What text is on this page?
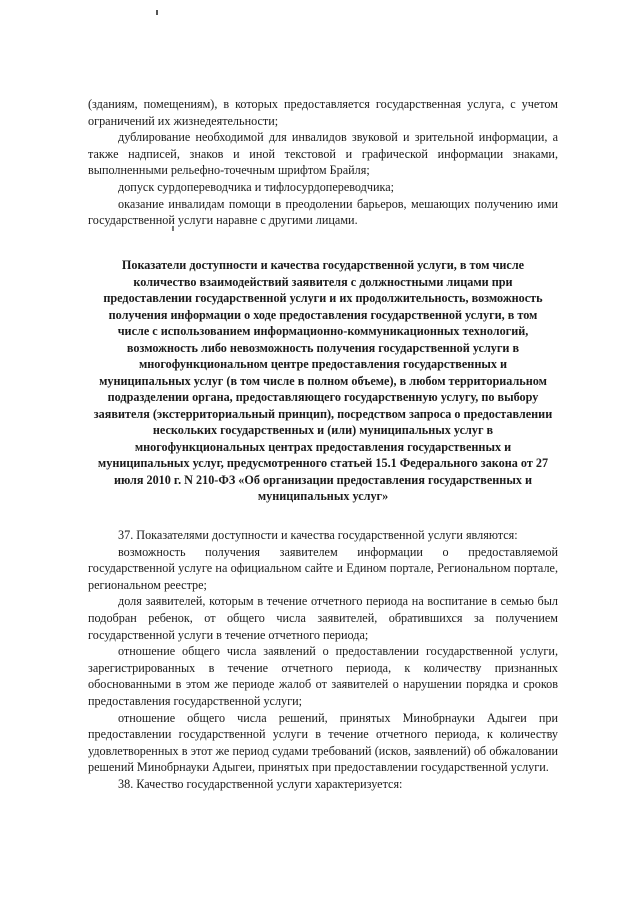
(зданиям, помещениям), в которых предоставляется государственная услуга, с учетом ограничений их жизнедеятельности;

дублирование необходимой для инвалидов звуковой и зрительной информации, а также надписей, знаков и иной текстовой и графической информации знаками, выполненными рельефно-точечным шрифтом Брайля;

допуск сурдопереводчика и тифлосурдопереводчика;

оказание инвалидам помощи в преодолении барьеров, мешающих получению ими государственной услуги наравне с другими лицами.

Показатели доступности и качества государственной услуги, в том числе количество взаимодействий заявителя с должностными лицами при предоставлении государственной услуги и их продолжительность, возможность получения информации о ходе предоставления государственной услуги, в том числе с использованием информационно-коммуникационных технологий, возможность либо невозможность получения государственной услуги в многофункциональном центре предоставления государственных и муниципальных услуг (в том числе в полном объеме), в любом территориальном подразделении органа, предоставляющего государственную услугу, по выбору заявителя (экстерриториальный принцип), посредством запроса о предоставлении нескольких государственных и (или) муниципальных услуг в многофункциональных центрах предоставления государственных и муниципальных услуг, предусмотренного статьей 15.1 Федерального закона от 27 июля 2010 г. N 210-ФЗ «Об организации предоставления государственных и муниципальных услуг»

37. Показателями доступности и качества государственной услуги являются:

возможность получения заявителем информации о предоставляемой государственной услуге на официальном сайте и Едином портале, Региональном портале, региональном реестре;

доля заявителей, которым в течение отчетного периода на воспитание в семью был подобран ребенок, от общего числа заявителей, обратившихся за получением государственной услуги в течение отчетного периода;

отношение общего числа заявлений о предоставлении государственной услуги, зарегистрированных в течение отчетного периода, к количеству признанных обоснованными в этом же периоде жалоб от заявителей о нарушении порядка и сроков предоставления государственной услуги;

отношение общего числа решений, принятых Минобрнауки Адыгеи при предоставлении государственной услуги в течение отчетного периода, к количеству удовлетворенных в этот же период судами требований (исков, заявлений) об обжаловании решений Минобрнауки Адыгеи, принятых при предоставлении государственной услуги.

38. Качество государственной услуги характеризуется:
